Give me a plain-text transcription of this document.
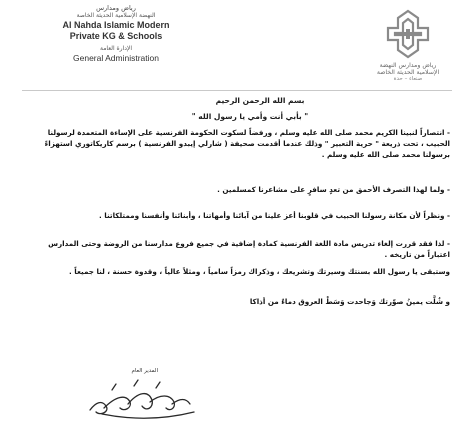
رياض ومدارس
النهضة الإسلامية الحديثة الخاصة
Al Nahda Islamic Modern
Private KG & Schools
الإدارة العامة
General Administration
رياض ومدارس النهضة
الإسلامية الحديثة الخاصة
صنعاء – حدة
بسم الله الرحمن الرحيم
" بأبي أنت وأمي يا رسول الله "
- انتصاراً لنبينا الكريم محمد صلى الله عليه وسلم ، ورفضاً لسكوت الحكومة الفرنسية على الإساءة المتعمدة لرسولنا الحبيب ، تحت ذريعة " حرية التعبير " وذلك عندما أقدمت صحيفة ( شارلي إيبدو الفرنسية ) برسم كاريكاتوري استهزاءً برسولنا محمد صلى الله عليه وسلم .
- ولما لهذا التصرف الأحمق من تعدٍ سافرٍ على مشاعرنا كمسلمين .
- ونظراً لأن مكانة رسولنا الحبيب في قلوبنا أعز علينا من آبائنا وأمهاتنا ، وأبنائنا وأنفسنا وممتلكاتنا .
- لذا فقد قررت إلغاء تدريس مادة اللغة الفرنسية كمادة إضافية في جميع فروع مدارسنا من الروضة وحتى المدارس اعتباراً من تاريخه .
وستبقى يا رسول الله بسنتك وسيرتك وتشريعك ، وذكراك رمزاً سامياً ، ومثلاً عالياً ، وقدوة حسنة ، لنا جميعاً .
و شُلَّت يمينُ صوّرتك وَجاحدت وَسَطْ العروق دماءٌ من أذاكا
المدير العام
